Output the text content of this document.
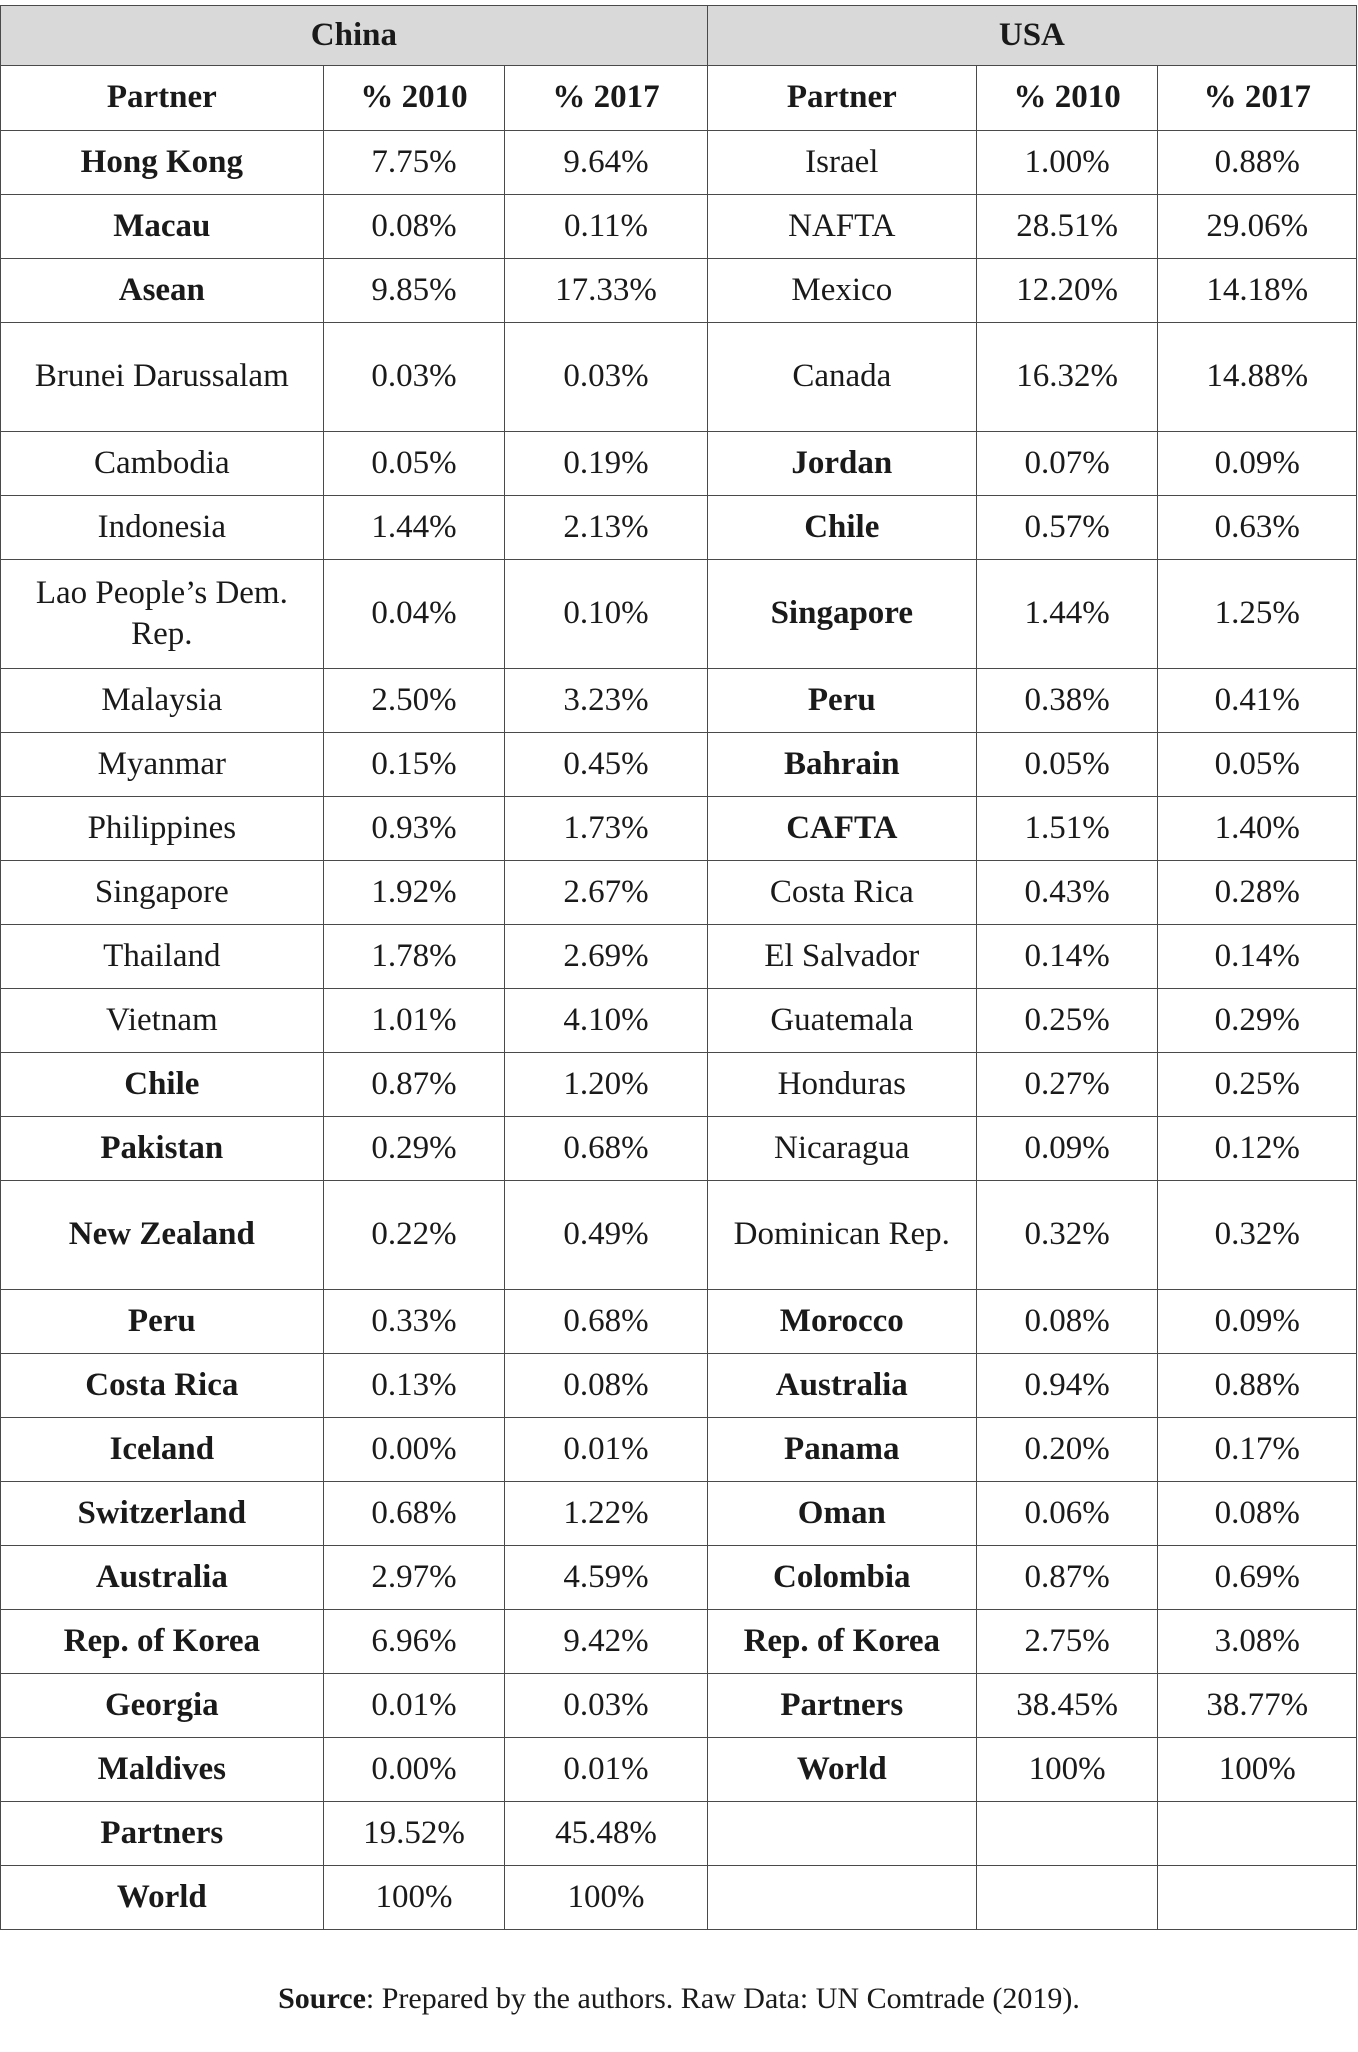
China			USA		
Partner	% 2010	% 2017	Partner	% 2010	% 2017
Hong Kong	7.75%	9.64%	Israel	1.00%	0.88%
Macau	0.08%	0.11%	NAFTA	28.51%	29.06%
Asean	9.85%	17.33%	Mexico	12.20%	14.18%
Brunei Darussalam	0.03%	0.03%	Canada	16.32%	14.88%
Cambodia	0.05%	0.19%	Jordan	0.07%	0.09%
Indonesia	1.44%	2.13%	Chile	0.57%	0.63%
Lao People’s Dem. Rep.	0.04%	0.10%	Singapore	1.44%	1.25%
Malaysia	2.50%	3.23%	Peru	0.38%	0.41%
Myanmar	0.15%	0.45%	Bahrain	0.05%	0.05%
Philippines	0.93%	1.73%	CAFTA	1.51%	1.40%
Singapore	1.92%	2.67%	Costa Rica	0.43%	0.28%
Thailand	1.78%	2.69%	El Salvador	0.14%	0.14%
Vietnam	1.01%	4.10%	Guatemala	0.25%	0.29%
Chile	0.87%	1.20%	Honduras	0.27%	0.25%
Pakistan	0.29%	0.68%	Nicaragua	0.09%	0.12%
New Zealand	0.22%	0.49%	Dominican Rep.	0.32%	0.32%
Peru	0.33%	0.68%	Morocco	0.08%	0.09%
Costa Rica	0.13%	0.08%	Australia	0.94%	0.88%
Iceland	0.00%	0.01%	Panama	0.20%	0.17%
Switzerland	0.68%	1.22%	Oman	0.06%	0.08%
Australia	2.97%	4.59%	Colombia	0.87%	0.69%
Rep. of Korea	6.96%	9.42%	Rep. of Korea	2.75%	3.08%
Georgia	0.01%	0.03%	Partners	38.45%	38.77%
Maldives	0.00%	0.01%	World	100%	100%
Partners	19.52%	45.48%			
World	100%	100%			
Source: Prepared by the authors. Raw Data: UN Comtrade (2019).
